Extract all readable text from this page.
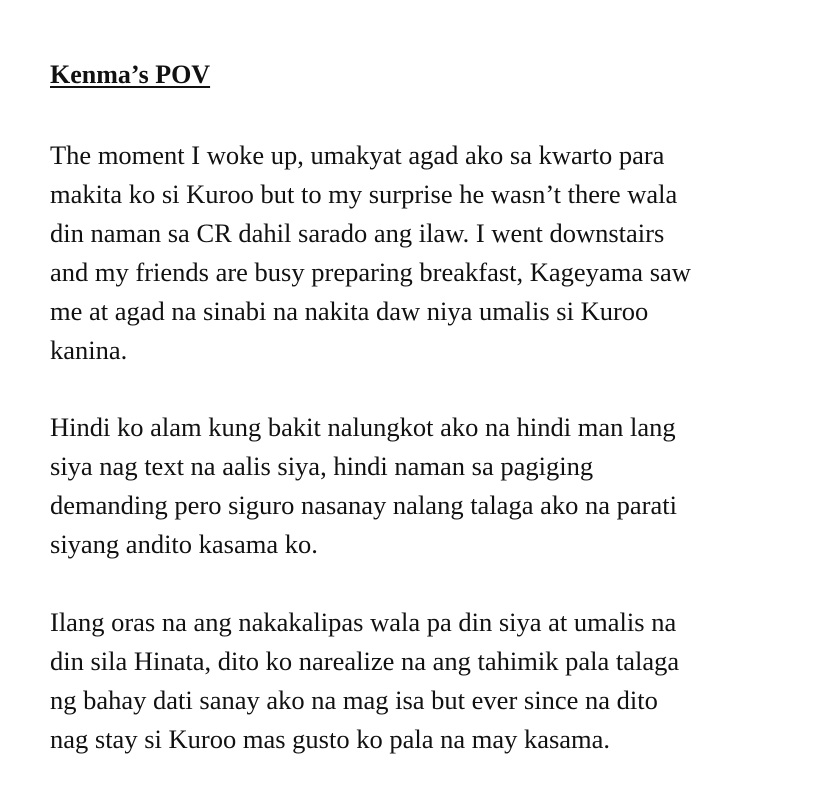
Kenma’s POV

The moment I woke up, umakyat agad ako sa kwarto para
makita ko si Kuroo but to my surprise he wasn’t there wala
din naman sa CR dahil sarado ang ilaw. I went downstairs
and my friends are busy preparing breakfast, Kageyama saw
me at agad na sinabi na nakita daw niya umalis si Kuroo
kanina.

Hindi ko alam kung bakit nalungkot ako na hindi man lang
siya nag text na aalis siya, hindi naman sa pagiging
demanding pero siguro nasanay nalang talaga ako na parati
siyang andito kasama ko.

Ilang oras na ang nakakalipas wala pa din siya at umalis na
din sila Hinata, dito ko narealize na ang tahimik pala talaga
ng bahay dati sanay ako na mag isa but ever since na dito
nag stay si Kuroo mas gusto ko pala na may kasama.
